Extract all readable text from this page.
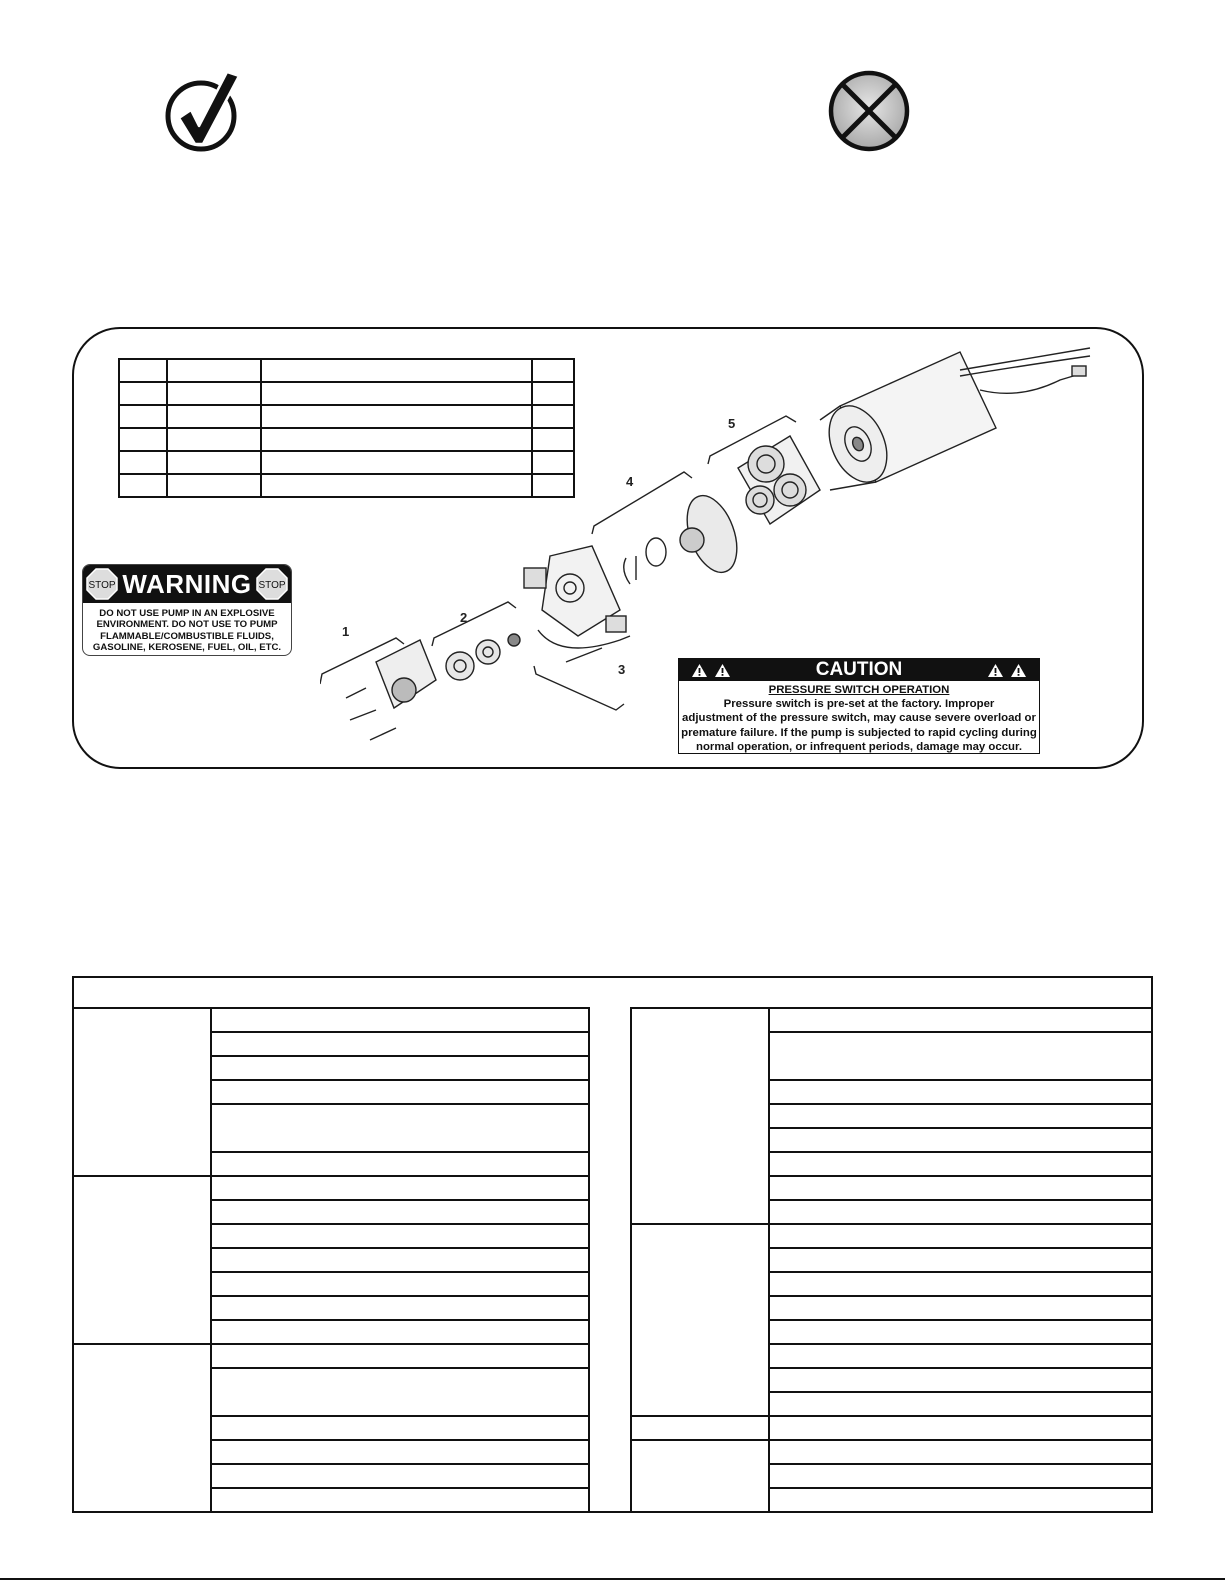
1
2
3
4
5
STOP WARNING STOP
DO NOT USE PUMP IN AN EXPLOSIVE
ENVIRONMENT. DO NOT USE TO PUMP
FLAMMABLE/COMBUSTIBLE FLUIDS,
GASOLINE, KEROSENE, FUEL, OIL, ETC.
CAUTION
PRESSURE SWITCH OPERATION
Pressure switch is pre-set at the factory. Improper
adjustment of the pressure switch, may cause severe overload or
premature failure. If the pump is subjected to rapid cycling during
normal operation, or infrequent periods, damage may occur.
